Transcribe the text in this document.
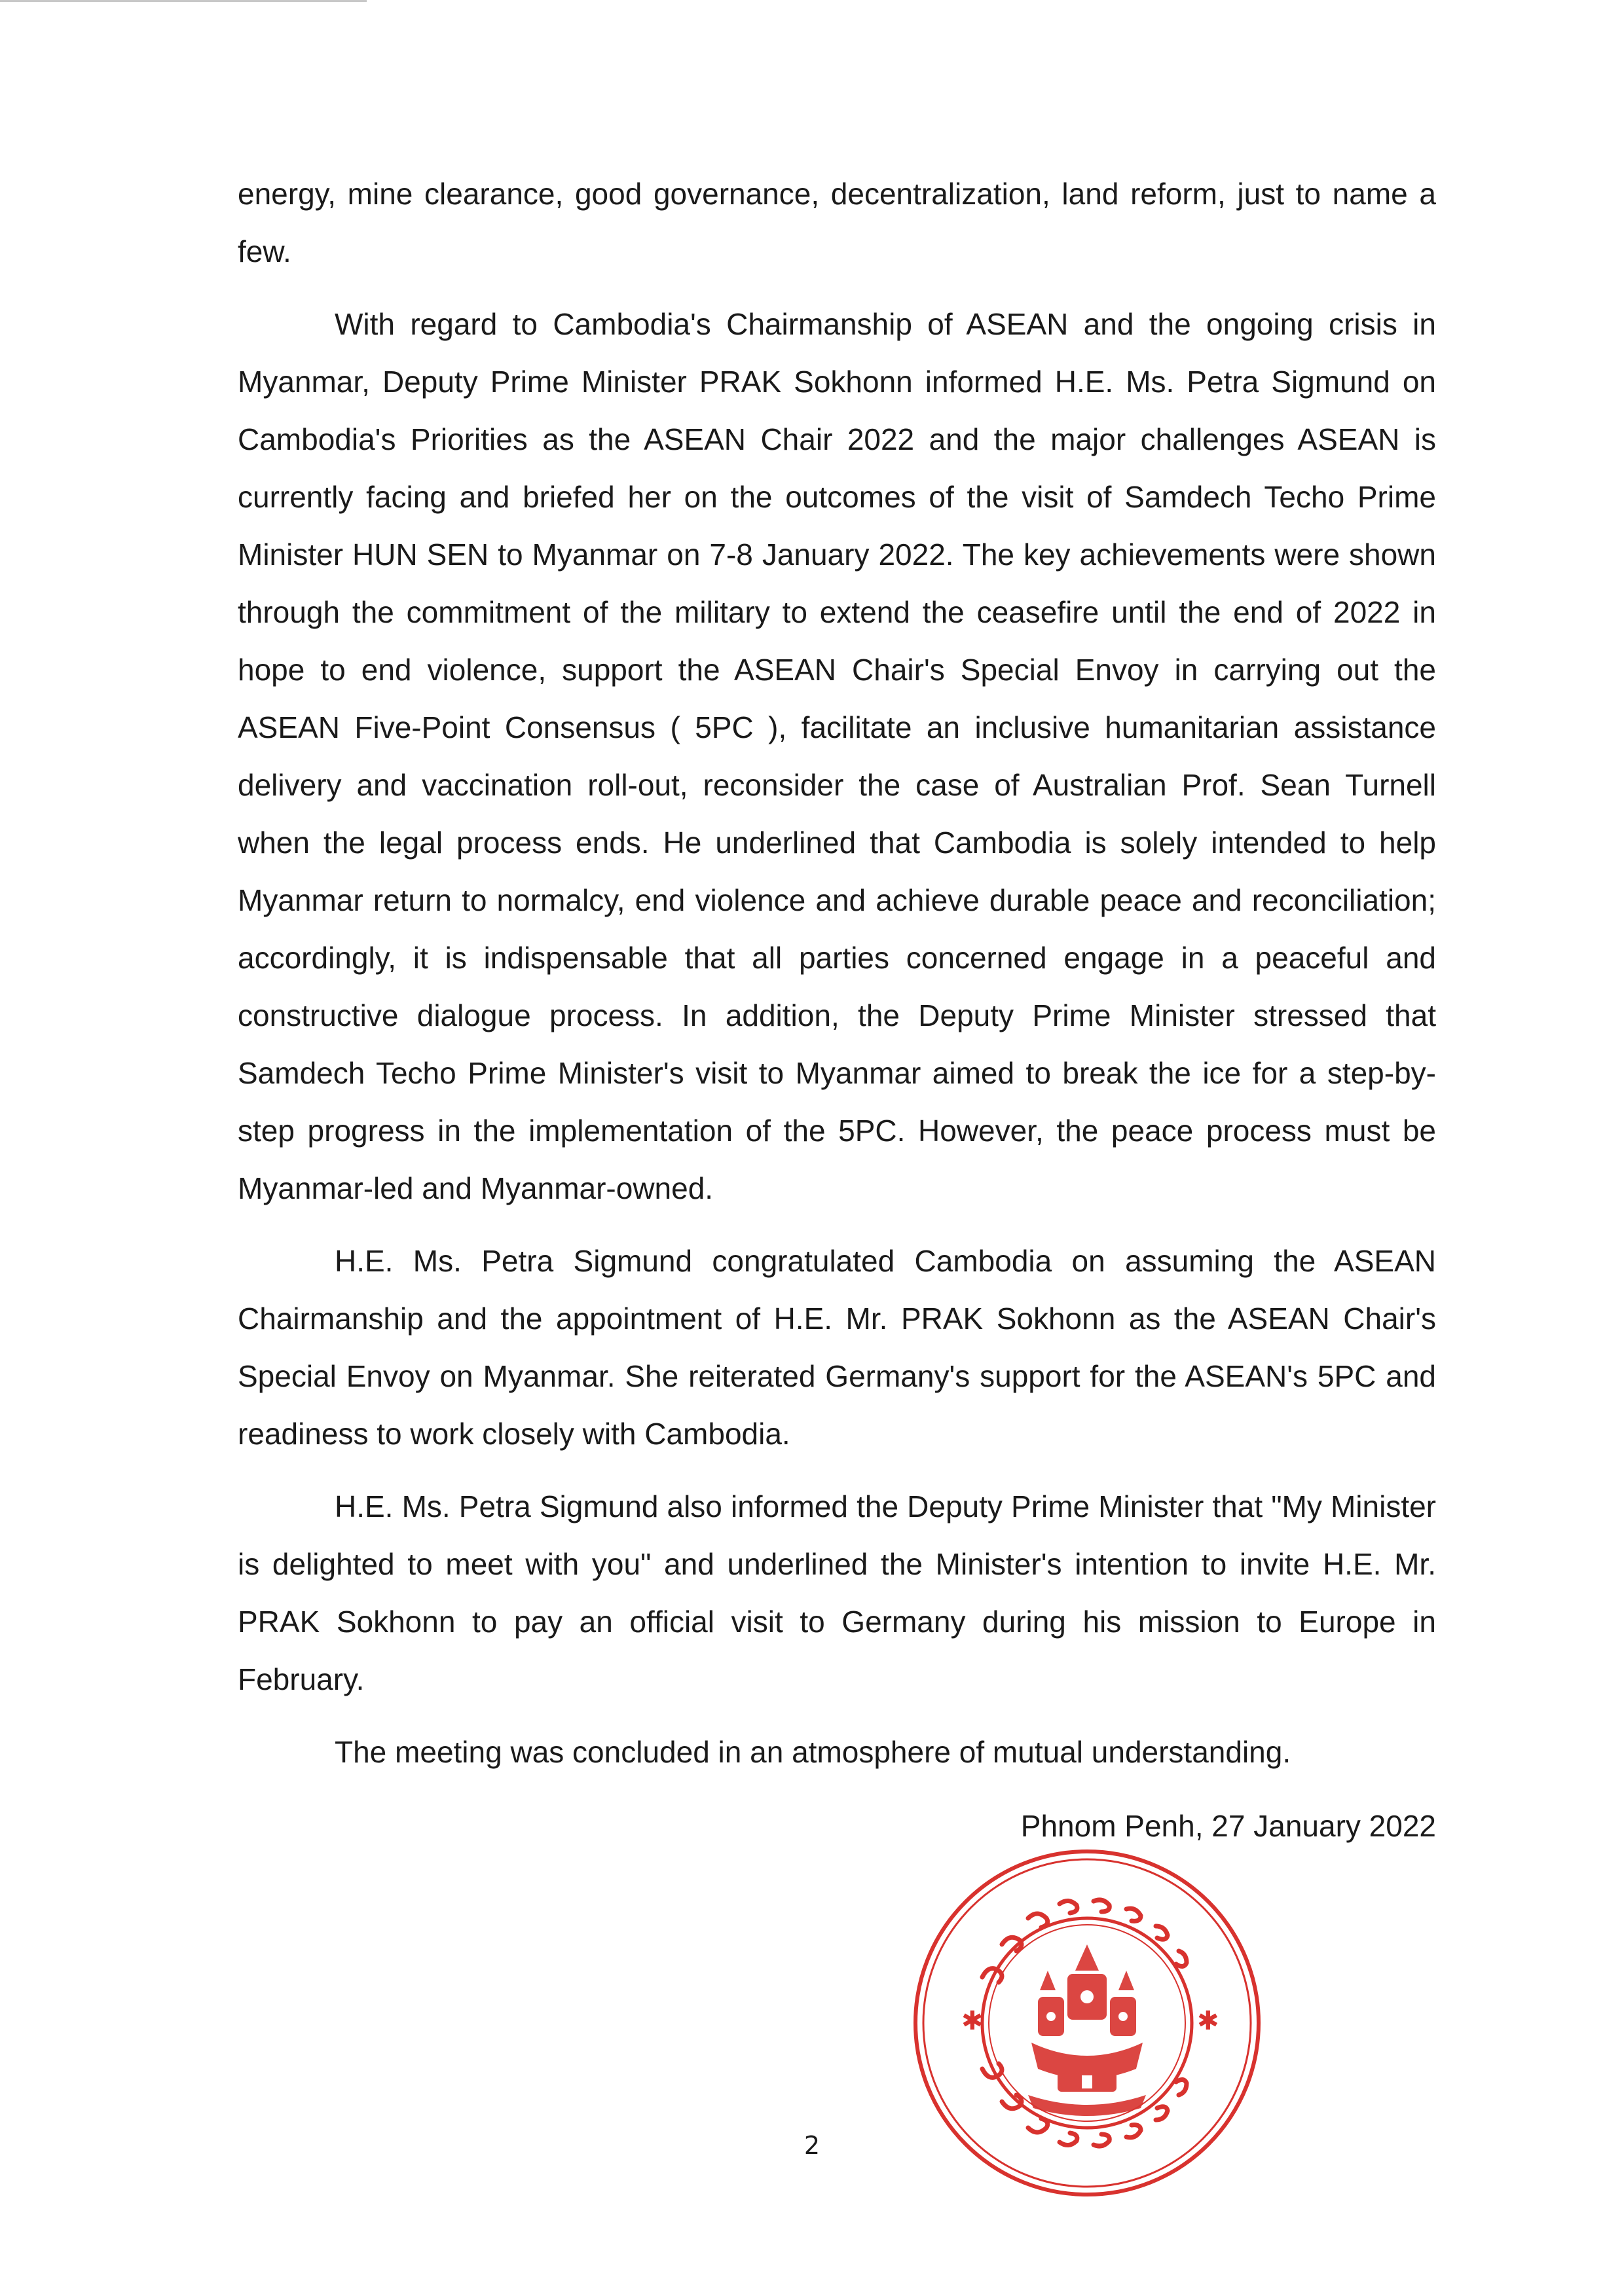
energy, mine clearance, good governance, decentralization, land reform, just to name a few.

With regard to Cambodia's Chairmanship of ASEAN and the ongoing crisis in Myanmar, Deputy Prime Minister PRAK Sokhonn informed H.E. Ms. Petra Sigmund on Cambodia's Priorities as the ASEAN Chair 2022 and the major challenges ASEAN is currently facing and briefed her on the outcomes of the visit of Samdech Techo Prime Minister HUN SEN to Myanmar on 7-8 January 2022. The key achievements were shown through the commitment of the military to extend the ceasefire until the end of 2022 in hope to end violence, support the ASEAN Chair's Special Envoy in carrying out the ASEAN Five-Point Consensus ( 5PC ), facilitate an inclusive humanitarian assistance delivery and vaccination roll-out, reconsider the case of Australian Prof. Sean Turnell when the legal process ends. He underlined that Cambodia is solely intended to help Myanmar return to normalcy, end violence and achieve durable peace and reconciliation; accordingly, it is indispensable that all parties concerned engage in a peaceful and constructive dialogue process. In addition, the Deputy Prime Minister stressed that Samdech Techo Prime Minister's visit to Myanmar aimed to break the ice for a step-by-step progress in the implementation of the 5PC. However, the peace process must be Myanmar-led and Myanmar-owned.

H.E. Ms. Petra Sigmund congratulated Cambodia on assuming the ASEAN Chairmanship and the appointment of H.E. Mr. PRAK Sokhonn as the ASEAN Chair's Special Envoy on Myanmar. She reiterated Germany's support for the ASEAN's 5PC and readiness to work closely with Cambodia.

H.E. Ms. Petra Sigmund also informed the Deputy Prime Minister that "My Minister is delighted to meet with you" and underlined the Minister's intention to invite H.E. Mr. PRAK Sokhonn to pay an official visit to Germany during his mission to Europe in February.

The meeting was concluded in an atmosphere of mutual understanding.

Phnom Penh, 27 January 2022

✱	✱

2
